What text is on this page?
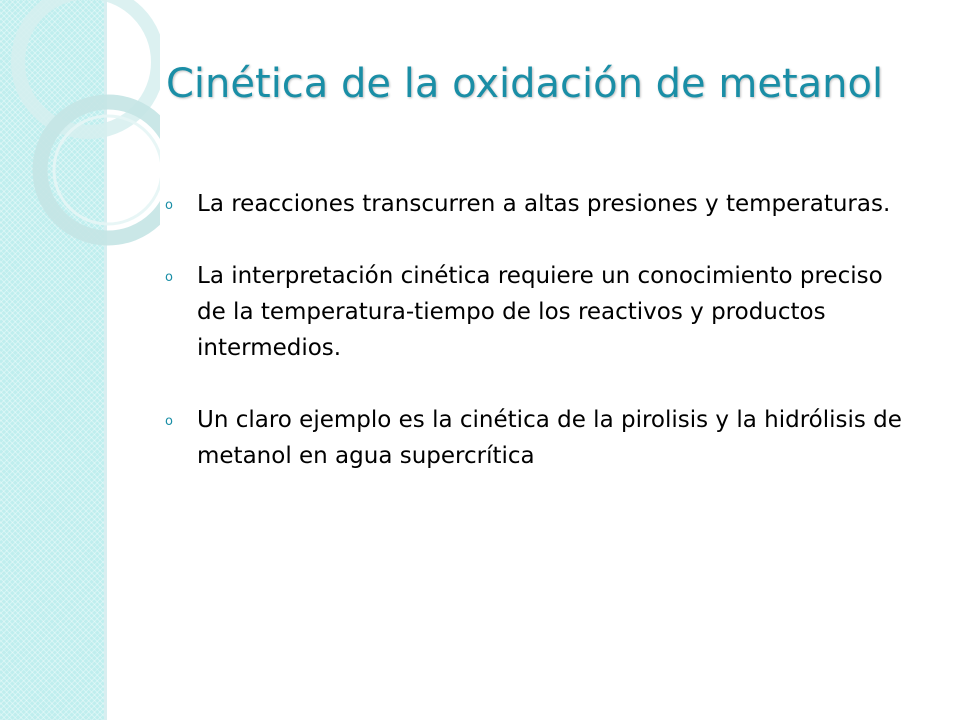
Cinética de la oxidación de metanol
o La reacciones transcurren a altas presiones y temperaturas.
o La interpretación cinética requiere un conocimiento preciso de la temperatura-tiempo de los reactivos y productos intermedios.
o Un claro ejemplo es la cinética de la pirolisis y la hidrólisis de metanol en agua supercrítica
